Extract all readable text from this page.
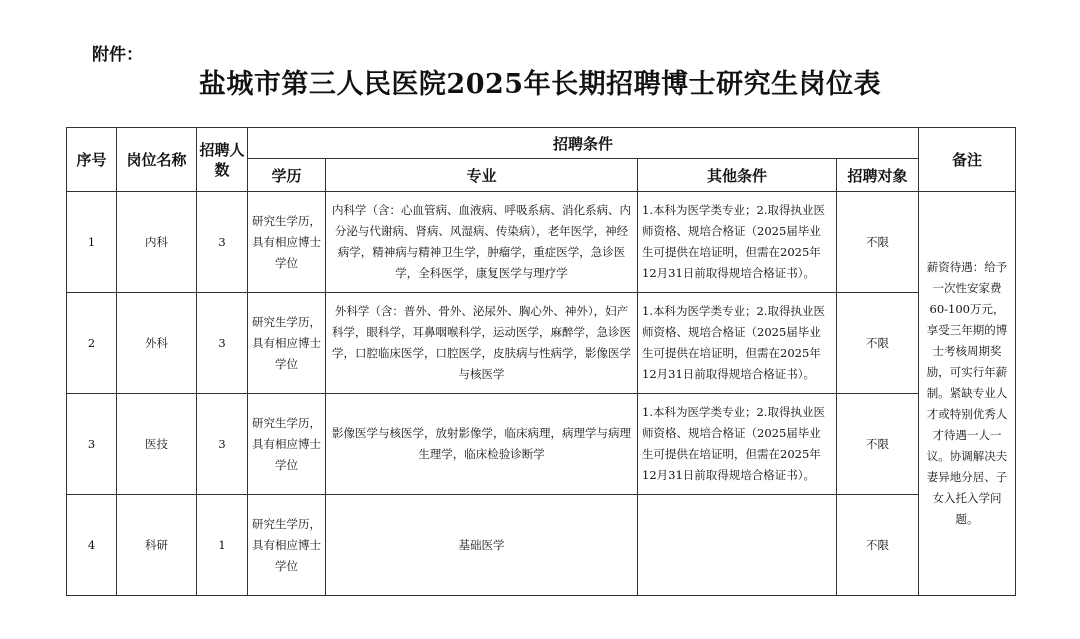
附件：
盐城市第三人民医院2025年长期招聘博士研究生岗位表
序号	岗位名称	招聘人数	招聘条件				备注
			学历	专业	其他条件	招聘对象	
1	内科	3	研究生学历，具有相应博士学位	内科学（含：心血管病、血液病、呼吸系病、消化系病、内分泌与代谢病、肾病、风湿病、传染病），老年医学，神经病学，精神病与精神卫生学，肿瘤学，重症医学，急诊医学，全科医学，康复医学与理疗学	1.本科为医学类专业；2.取得执业医师资格、规培合格证（2025届毕业生可提供在培证明，但需在2025年12月31日前取得规培合格证书）。	不限	薪资待遇：给予一次性安家费60-100万元，享受三年期的博士考核周期奖励，可实行年薪制。紧缺专业人才或特别优秀人才待遇一人一议。协调解决夫妻异地分居、子女入托入学问题。
2	外科	3	研究生学历，具有相应博士学位	外科学（含：普外、骨外、泌尿外、胸心外、神外），妇产科学，眼科学，耳鼻咽喉科学，运动医学，麻醉学，急诊医学，口腔临床医学，口腔医学，皮肤病与性病学，影像医学与核医学	1.本科为医学类专业；2.取得执业医师资格、规培合格证（2025届毕业生可提供在培证明，但需在2025年12月31日前取得规培合格证书）。	不限	
3	医技	3	研究生学历，具有相应博士学位	影像医学与核医学，放射影像学，临床病理，病理学与病理生理学，临床检验诊断学	1.本科为医学类专业；2.取得执业医师资格、规培合格证（2025届毕业生可提供在培证明，但需在2025年12月31日前取得规培合格证书）。	不限	
4	科研	1	研究生学历，具有相应博士学位	基础医学		不限	
